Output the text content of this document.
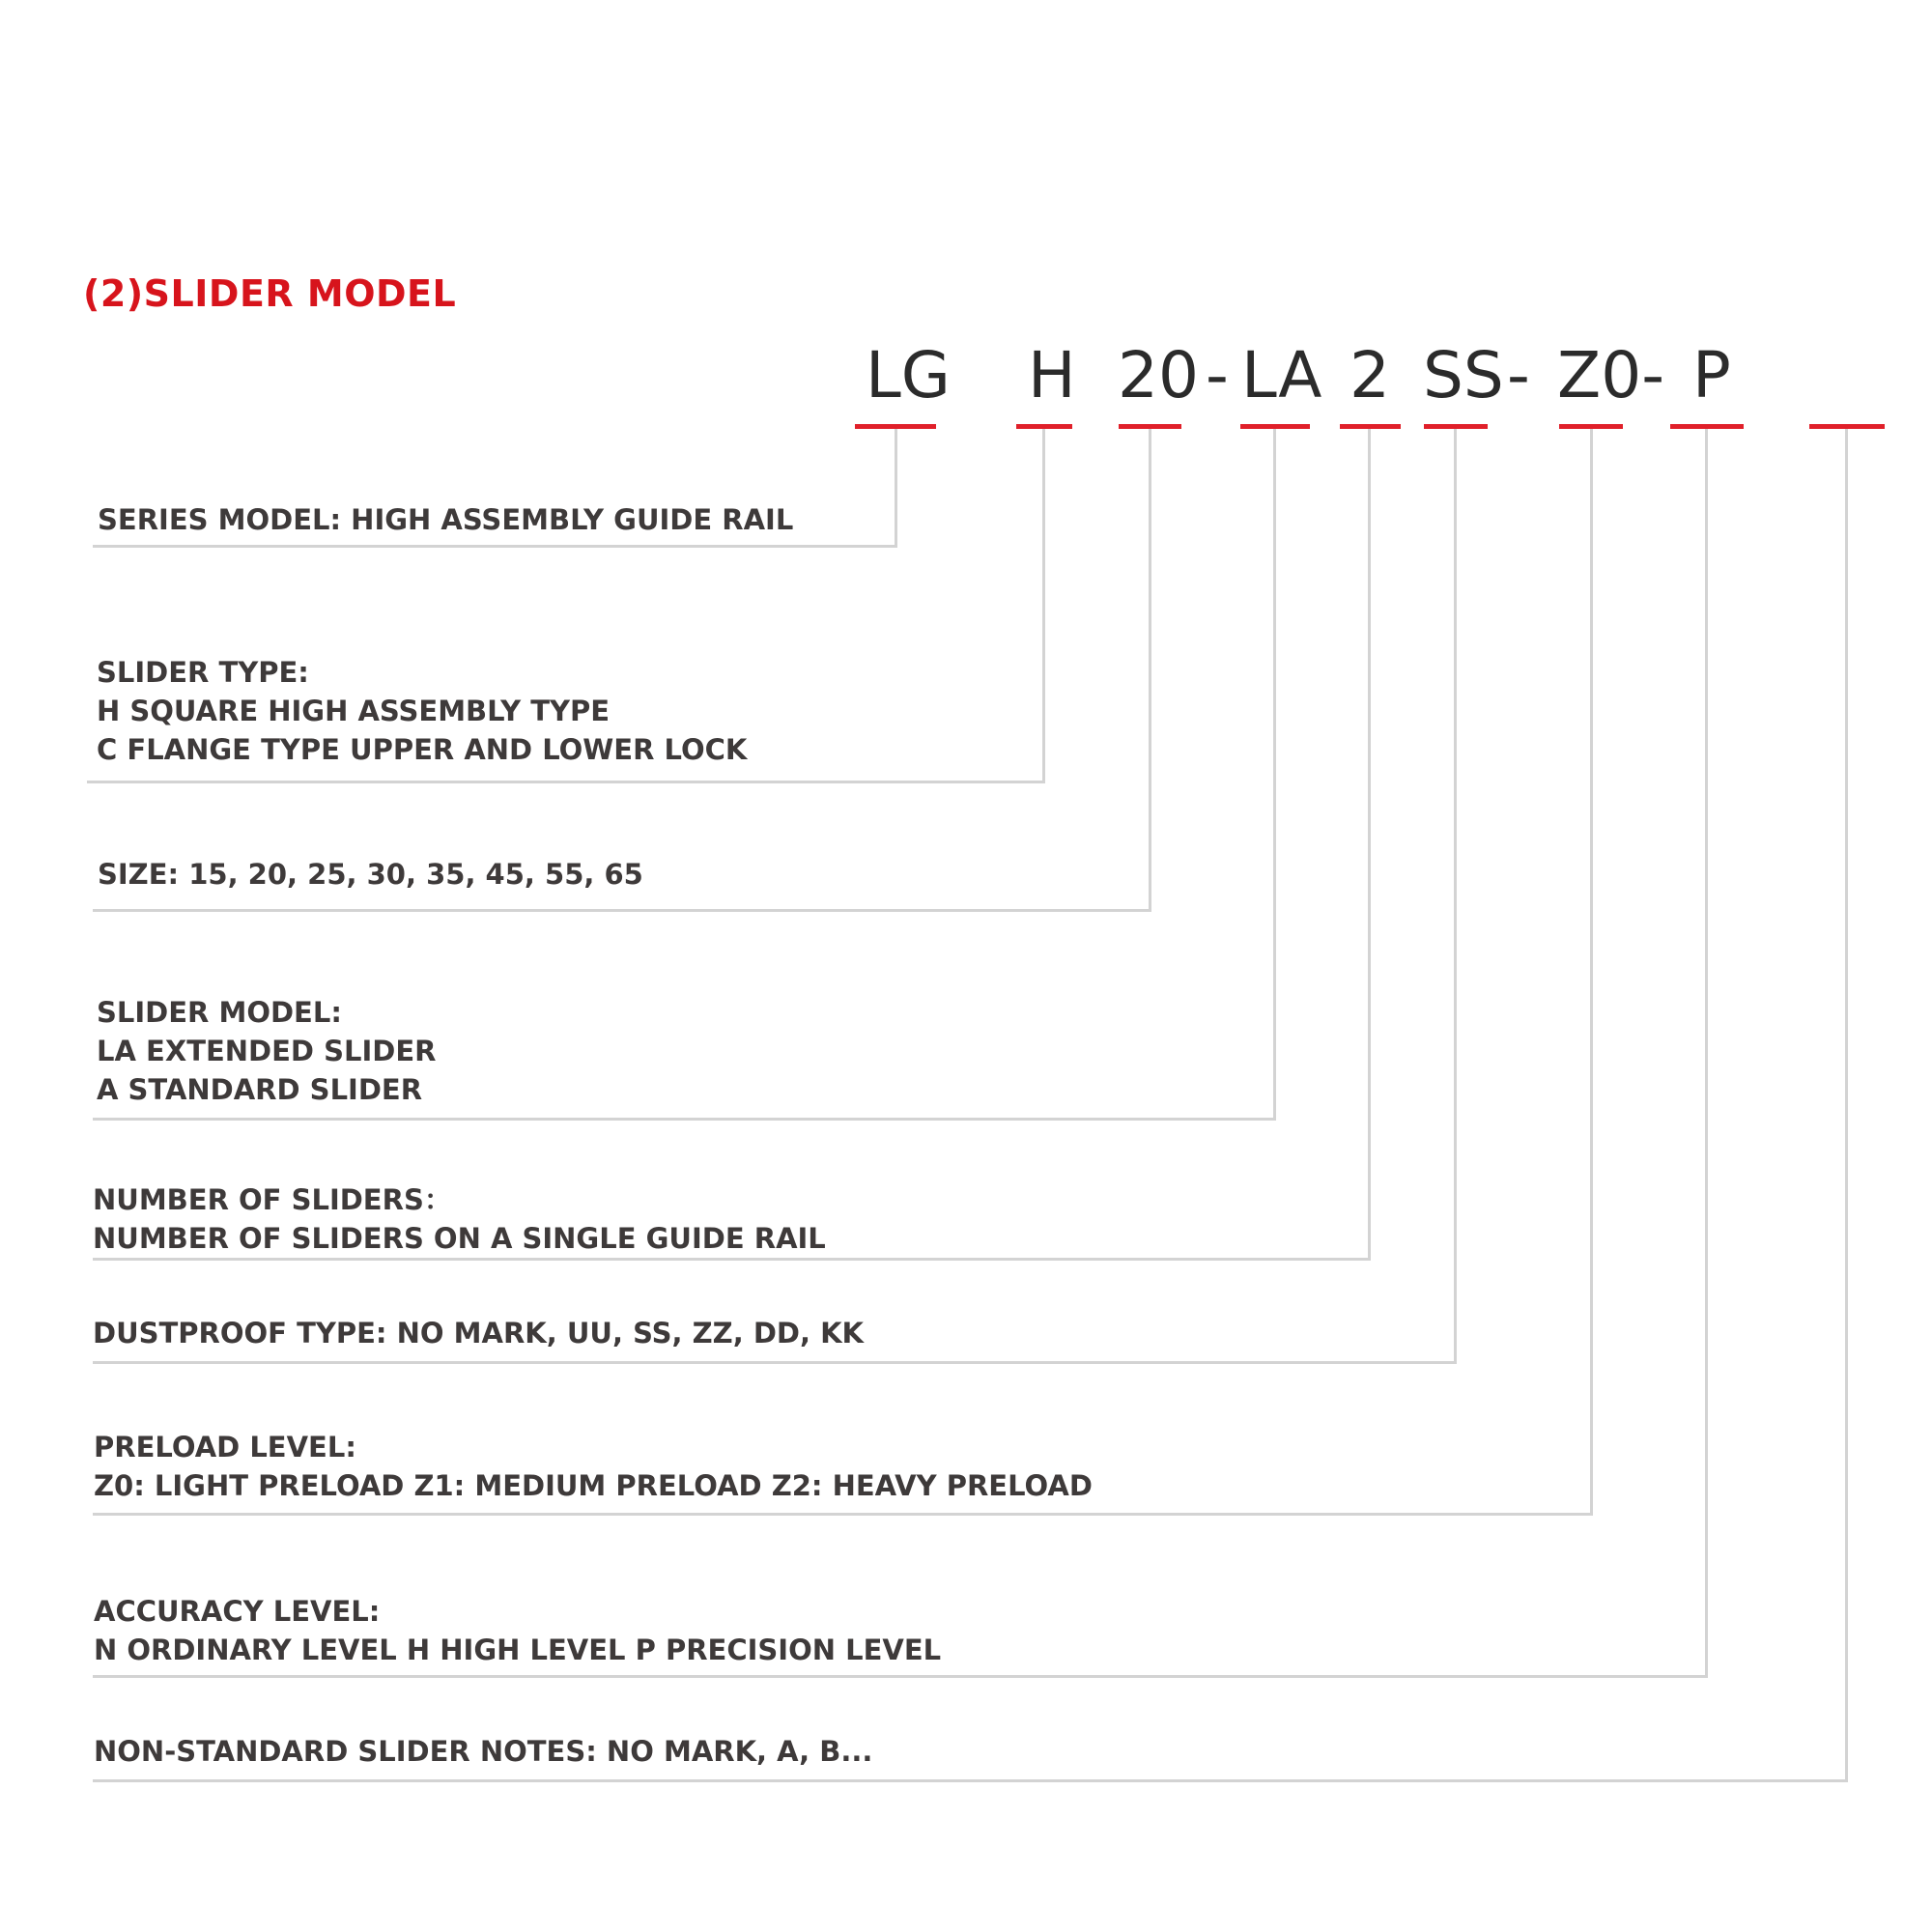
(2)SLIDER MODEL
LG H 20 - LA 2 SS - Z0- P
SERIES MODEL: HIGH ASSEMBLY GUIDE RAIL
SLIDER TYPE:
H SQUARE HIGH ASSEMBLY TYPE
C FLANGE TYPE UPPER AND LOWER LOCK
SIZE: 15, 20, 25, 30, 35, 45, 55, 65
SLIDER MODEL:
LA EXTENDED SLIDER
A STANDARD SLIDER
NUMBER OF SLIDERS：
NUMBER OF SLIDERS ON A SINGLE GUIDE RAIL
DUSTPROOF TYPE: NO MARK, UU, SS, ZZ, DD, KK
PRELOAD LEVEL:
Z0: LIGHT PRELOAD Z1: MEDIUM PRELOAD Z2: HEAVY PRELOAD
ACCURACY LEVEL:
N ORDINARY LEVEL H HIGH LEVEL P PRECISION LEVEL
NON-STANDARD SLIDER NOTES: NO MARK, A, B...
